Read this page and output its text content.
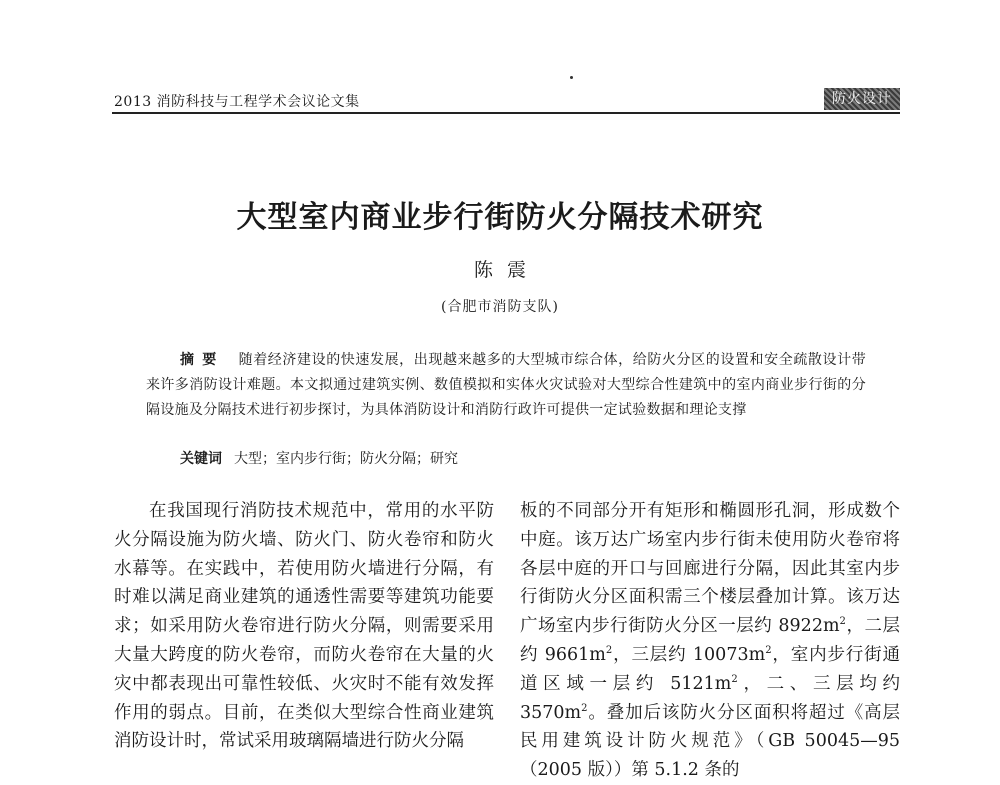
2013 消防科技与工程学术会议论文集	防火设计
大型室内商业步行街防火分隔技术研究
陈震
(合肥市消防支队)
摘要 随着经济建设的快速发展，出现越来越多的大型城市综合体，给防火分区的设置和安全疏散设计带来许多消防设计难题。本文拟通过建筑实例、数值模拟和实体火灾试验对大型综合性建筑中的室内商业步行街的分隔设施及分隔技术进行初步探讨，为具体消防设计和消防行政许可提供一定试验数据和理论支撑
关键词 大型；室内步行街；防火分隔；研究
在我国现行消防技术规范中，常用的水平防火分隔设施为防火墙、防火门、防火卷帘和防火水幕等。在实践中，若使用防火墙进行分隔，有时难以满足商业建筑的通透性需要等建筑功能要求；如采用防火卷帘进行防火分隔，则需要采用大量大跨度的防火卷帘，而防火卷帘在大量的火灾中都表现出可靠性较低、火灾时不能有效发挥作用的弱点。目前，在类似大型综合性商业建筑消防设计时，常试采用玻璃隔墙进行防火分隔
板的不同部分开有矩形和椭圆形孔洞，形成数个中庭。该万达广场室内步行街未使用防火卷帘将各层中庭的开口与回廊进行分隔，因此其室内步行街防火分区面积需三个楼层叠加计算。该万达广场室内步行街防火分区一层约 $8922m^2$，二层约 $9661m^2$，三层约 $10073m^2$，室内步行街通道区域一层约 $5121m^2$，二、三层均约 $3570m^2$。叠加后该防火分区面积将超过《高层民用建筑设计防火规范》（GB 50045—95（2005 版））第 5.1.2 条的
